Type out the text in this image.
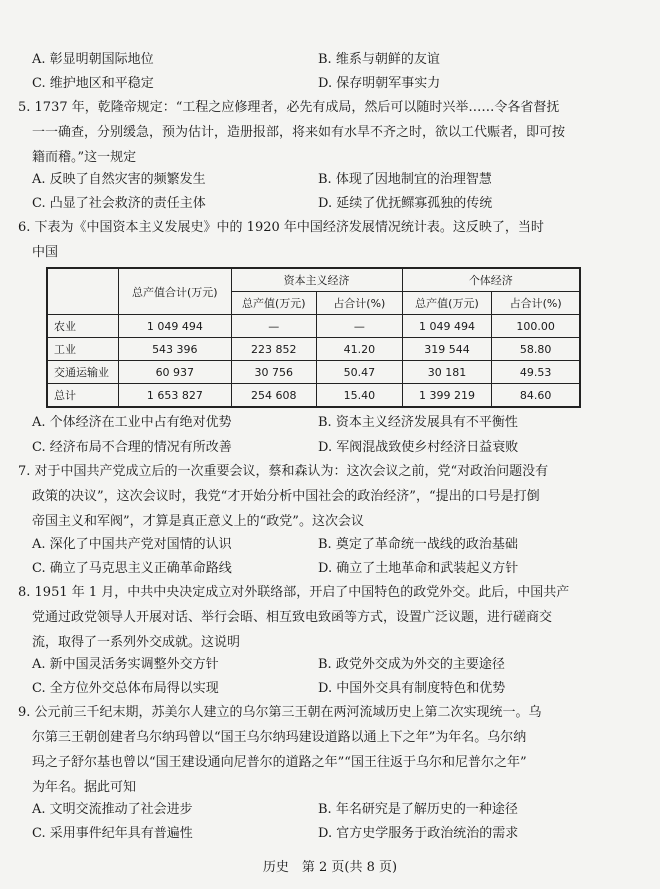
A. 彰显明朝国际地位	B. 维系与朝鲜的友谊
C. 维护地区和平稳定	D. 保存明朝军事实力
5. 1737 年，乾隆帝规定：“工程之应修理者，必先有成局，然后可以随时兴举……令各省督抚
一一确查，分别缓急，预为估计，造册报部，将来如有水旱不齐之时，欲以工代赈者，即可按
籍而稽。”这一规定
A. 反映了自然灾害的频繁发生	B. 体现了因地制宜的治理智慧
C. 凸显了社会救济的责任主体	D. 延续了优抚鳏寡孤独的传统
6. 下表为《中国资本主义发展史》中的 1920 年中国经济发展情况统计表。这反映了，当时
中国
	总产值合计(万元)	资本主义经济		个体经济	
		总产值(万元)	占合计(%)	总产值(万元)	占合计(%)
农业	1 049 494	—	—	1 049 494	100.00
工业	543 396	223 852	41.20	319 544	58.80
交通运输业	60 937	30 756	50.47	30 181	49.53
总计	1 653 827	254 608	15.40	1 399 219	84.60
A. 个体经济在工业中占有绝对优势	B. 资本主义经济发展具有不平衡性
C. 经济布局不合理的情况有所改善	D. 军阀混战致使乡村经济日益衰败
7. 对于中国共产党成立后的一次重要会议，蔡和森认为：这次会议之前，党“对政治问题没有
政策的决议”，这次会议时，我党“才开始分析中国社会的政治经济”，“提出的口号是打倒
帝国主义和军阀”，才算是真正意义上的“政党”。这次会议
A. 深化了中国共产党对国情的认识	B. 奠定了革命统一战线的政治基础
C. 确立了马克思主义正确革命路线	D. 确立了土地革命和武装起义方针
8. 1951 年 1 月，中共中央决定成立对外联络部，开启了中国特色的政党外交。此后，中国共产
党通过政党领导人开展对话、举行会晤、相互致电致函等方式，设置广泛议题，进行磋商交
流，取得了一系列外交成就。这说明
A. 新中国灵活务实调整外交方针	B. 政党外交成为外交的主要途径
C. 全方位外交总体布局得以实现	D. 中国外交具有制度特色和优势
9. 公元前三千纪末期，苏美尔人建立的乌尔第三王朝在两河流域历史上第二次实现统一。乌
尔第三王朝创建者乌尔纳玛曾以“国王乌尔纳玛建设道路以通上下之年”为年名。乌尔纳
玛之子舒尔基也曾以“国王建设通向尼普尔的道路之年”“国王往返于乌尔和尼普尔之年”
为年名。据此可知
A. 文明交流推动了社会进步	B. 年名研究是了解历史的一种途径
C. 采用事件纪年具有普遍性	D. 官方史学服务于政治统治的需求
历史　第 2 页(共 8 页)
